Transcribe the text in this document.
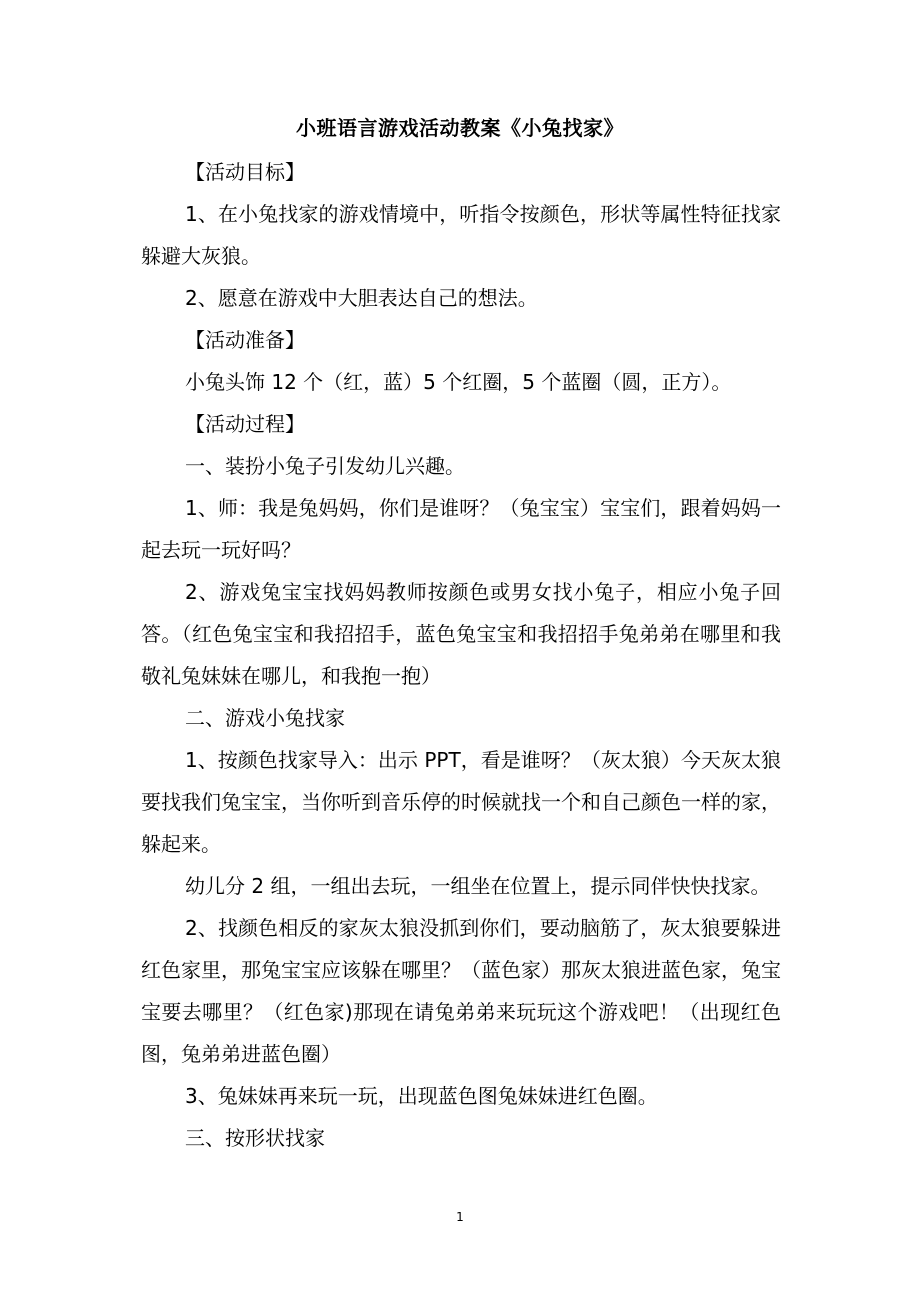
小班语言游戏活动教案《小兔找家》

【活动目标】

1、在小兔找家的游戏情境中，听指令按颜色，形状等属性特征找家躲避大灰狼。

2、愿意在游戏中大胆表达自己的想法。

【活动准备】

小兔头饰 12 个（红，蓝）5 个红圈，5 个蓝圈（圆，正方）。

【活动过程】

一、装扮小兔子引发幼儿兴趣。

1、师：我是兔妈妈，你们是谁呀？（兔宝宝）宝宝们，跟着妈妈一起去玩一玩好吗？

2、游戏兔宝宝找妈妈教师按颜色或男女找小兔子，相应小兔子回答。（红色兔宝宝和我招招手，蓝色兔宝宝和我招招手兔弟弟在哪里和我敬礼兔妹妹在哪儿，和我抱一抱）

二、游戏小兔找家

1、按颜色找家导入：出示 PPT，看是谁呀？（灰太狼）今天灰太狼要找我们兔宝宝，当你听到音乐停的时候就找一个和自己颜色一样的家，躲起来。

幼儿分 2 组，一组出去玩，一组坐在位置上，提示同伴快快找家。

2、找颜色相反的家灰太狼没抓到你们，要动脑筋了，灰太狼要躲进红色家里，那兔宝宝应该躲在哪里？（蓝色家）那灰太狼进蓝色家，兔宝宝要去哪里？（红色家)那现在请兔弟弟来玩玩这个游戏吧！（出现红色图，兔弟弟进蓝色圈）

3、兔妹妹再来玩一玩，出现蓝色图兔妹妹进红色圈。

三、按形状找家

1
